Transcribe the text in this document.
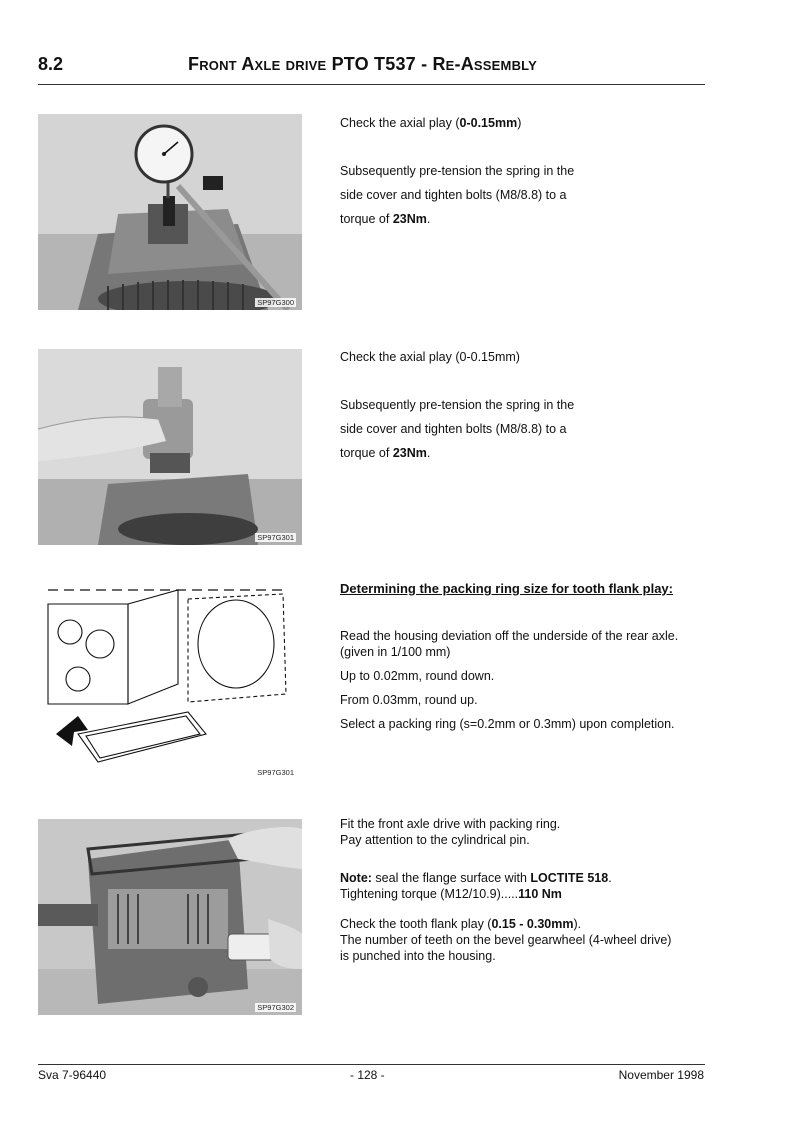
8.2	Front Axle drive PTO T537 - Re-Assembly
SP97G300

Check the axial play (0-0.15mm)

Subsequently pre-tension the spring in the

side cover and tighten bolts (M8/8.8) to a

torque of 23Nm.

SP97G301

Check the axial play (0-0.15mm)

Subsequently pre-tension the spring in the

side cover and tighten bolts (M8/8.8) to a

torque of 23Nm.

SP97G301

Determining the packing ring size for tooth flank play:

Read the housing deviation off the underside of the rear axle. (given in 1/100 mm)

Up to 0.02mm, round down.

From 0.03mm, round up.

Select a packing ring (s=0.2mm or 0.3mm) upon completion.

SP97G302

Fit the front axle drive with packing ring.

Pay attention to the cylindrical pin.

Note: seal the flange surface with LOCTITE 518.

Tightening torque (M12/10.9).....110 Nm

Check the tooth flank play (0.15 - 0.30mm).

The number of teeth on the bevel gearwheel (4-wheel drive)

is punched into the housing.

Sva 7-96440	- 128 -	November 1998
